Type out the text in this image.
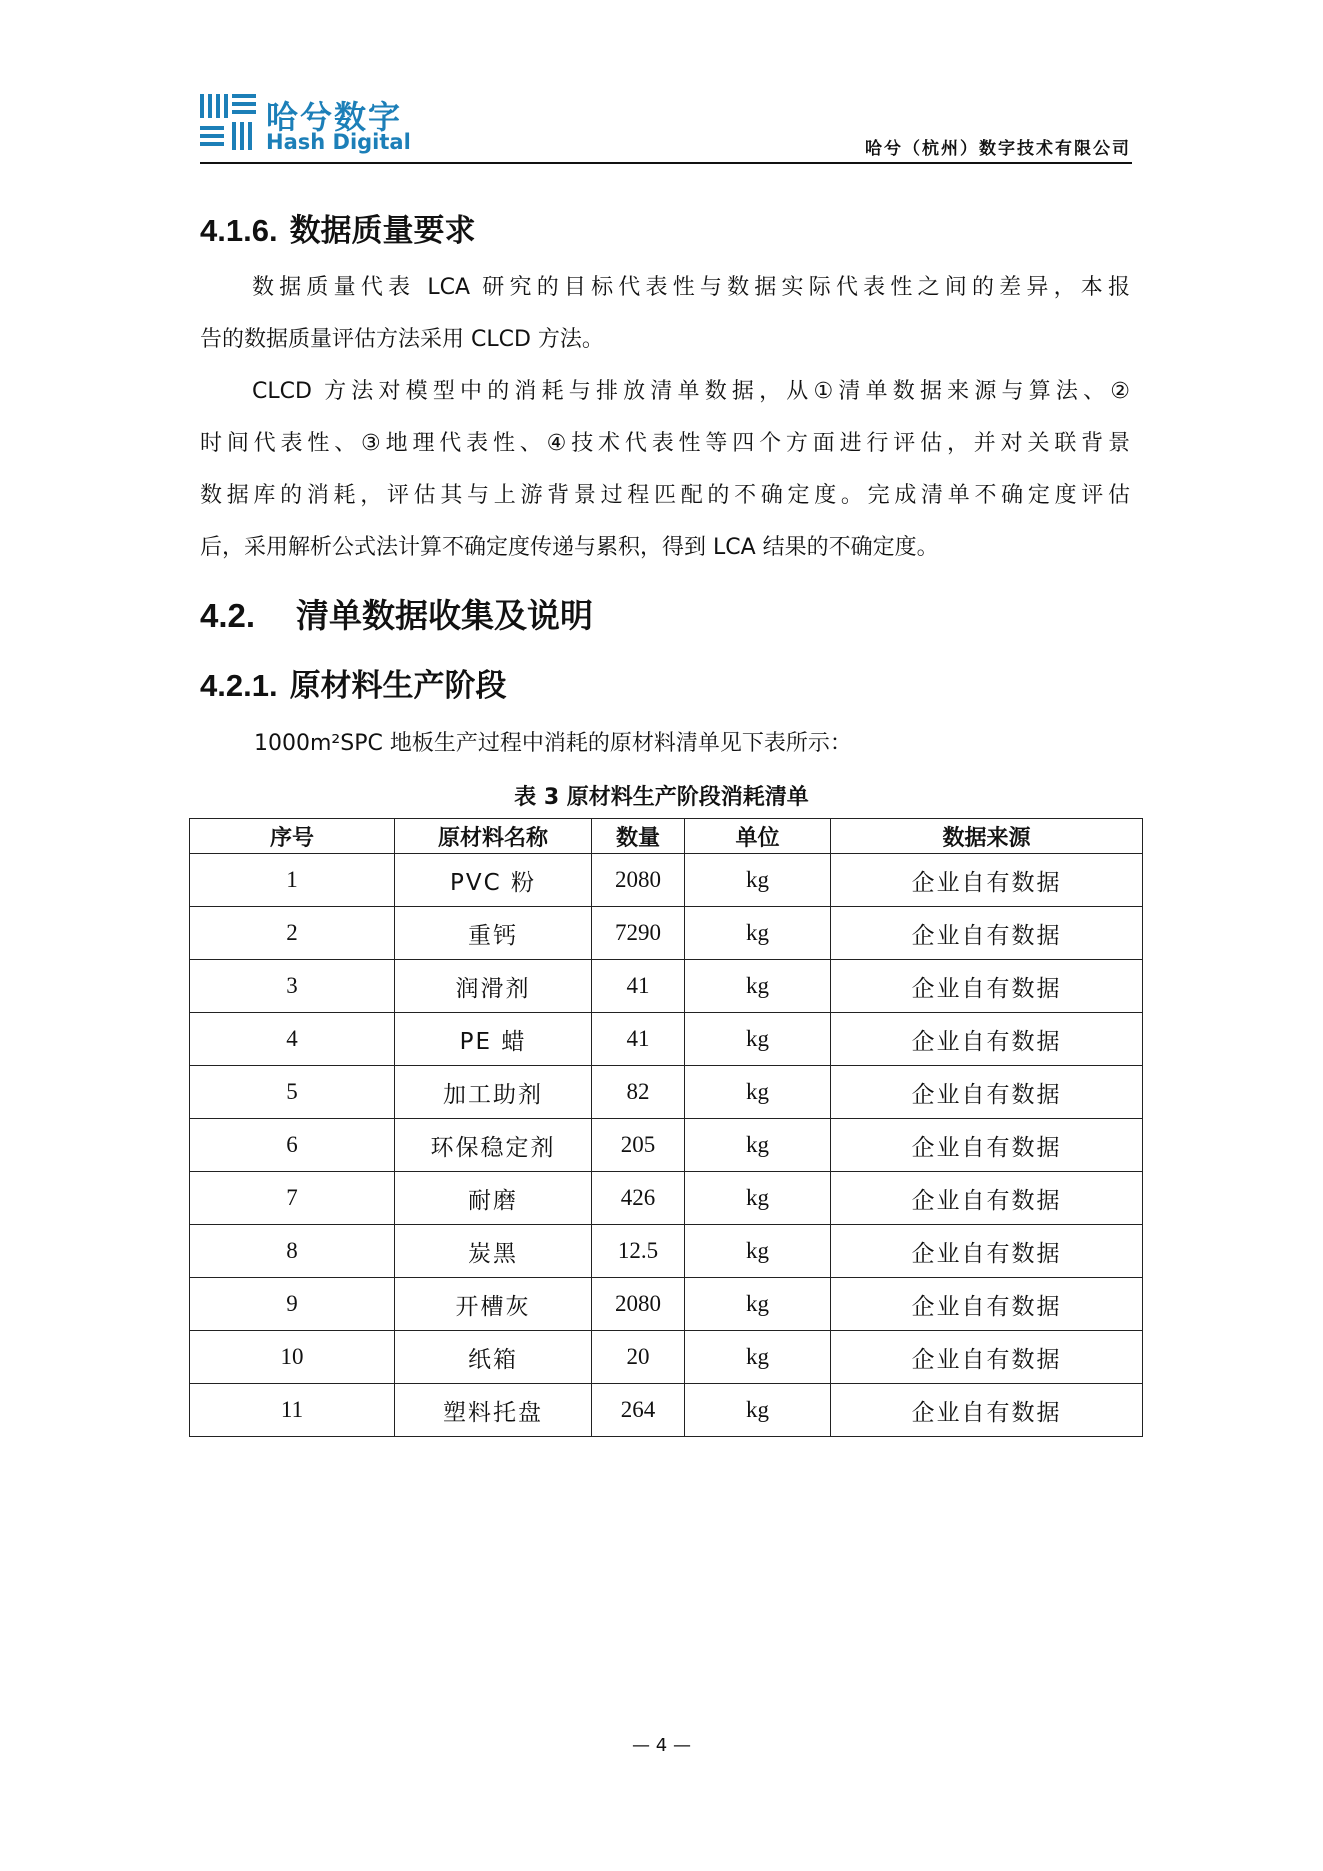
哈兮数字
Hash Digital	哈兮（杭州）数字技术有限公司
4.1.6. 数据质量要求
数据质量代表 LCA 研究的目标代表性与数据实际代表性之间的差异，本报
告的数据质量评估方法采用 CLCD 方法。
CLCD 方法对模型中的消耗与排放清单数据，从①清单数据来源与算法、②
时间代表性、③地理代表性、④技术代表性等四个方面进行评估，并对关联背景
数据库的消耗，评估其与上游背景过程匹配的不确定度。完成清单不确定度评估
后，采用解析公式法计算不确定度传递与累积，得到 LCA 结果的不确定度。
4.2. 清单数据收集及说明
4.2.1. 原材料生产阶段
1000m²SPC 地板生产过程中消耗的原材料清单见下表所示：
表 3 原材料生产阶段消耗清单
序号	原材料名称	数量	单位	数据来源
1	PVC 粉	2080	kg	企业自有数据
2	重钙	7290	kg	企业自有数据
3	润滑剂	41	kg	企业自有数据
4	PE 蜡	41	kg	企业自有数据
5	加工助剂	82	kg	企业自有数据
6	环保稳定剂	205	kg	企业自有数据
7	耐磨	426	kg	企业自有数据
8	炭黑	12.5	kg	企业自有数据
9	开槽灰	2080	kg	企业自有数据
10	纸箱	20	kg	企业自有数据
11	塑料托盘	264	kg	企业自有数据
— 4 —
